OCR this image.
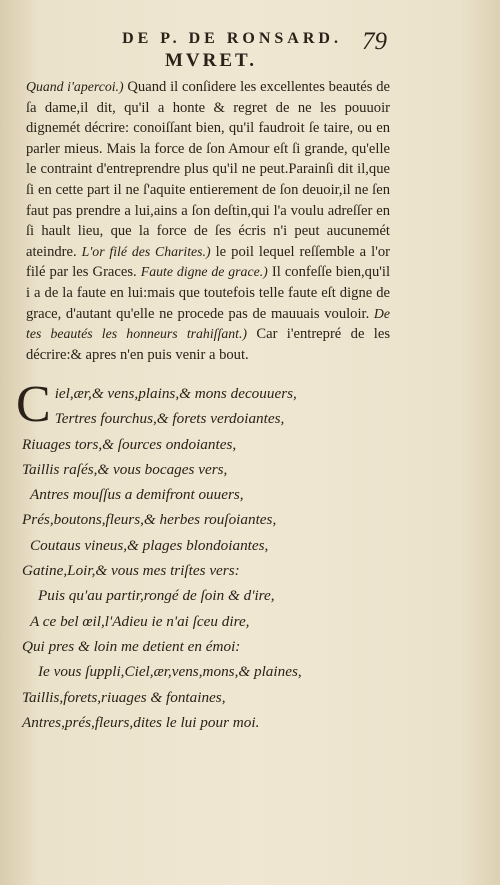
DE P. DE RONSARD. 79
MVRET.
Quand i'apercoi.) Quand il conſidere les excellentes beautés de ſa dame,il dit, qu'il a honte & regret de ne les pouuoir dignemét décrire: conoiſſant bien, qu'il faudroit ſe taire, ou en parler mieus. Mais la force de ſon Amour eſt ſi grande, qu'elle le contraint d'entreprendre plus qu'il ne peut.Parainſi dit il,que ſi en cette part il ne ſ'aquite entierement de ſon deuoir,il ne ſen faut pas prendre a lui,ains a ſon deſtin,qui l'a voulu adreſſer en ſi hault lieu, que la force de ſes écris n'i peut aucunemét ateindre. L'or filé des Charites.) le poil lequel reſſemble a l'or filé par les Graces. Faute digne de grace.) Il confeſſe bien,qu'il i a de la faute en lui:mais que toutefois telle faute eſt digne de grace, d'autant qu'elle ne procede pas de mauuais vouloir. De tes beautés les honneurs trahiſſant.) Car i'entrepré de les décrire:& apres n'en puis venir a bout.
C iel,ær,& vens,plains,& mons decouuers,
Tertres fourchus,& forets verdoiantes,
Riuages tors,& ſources ondoiantes,
Taillis raſés,& vous bocages vers,
Antres mouſſus a demifront ouuers,
Prés,boutons,fleurs,& herbes rouſoiantes,
Coutaus vineus,& plages blondoiantes,
Gatine,Loir,& vous mes triſtes vers:
Puis qu'au partir,rongé de ſoin & d'ire,
A ce bel œil,l'Adieu ie n'ai ſceu dire,
Qui pres & loin me detient en émoi:
Ie vous ſuppli,Ciel,ær,vens,mons,& plaines,
Taillis,forets,riuages & fontaines,
Antres,prés,fleurs,dites le lui pour moi.
